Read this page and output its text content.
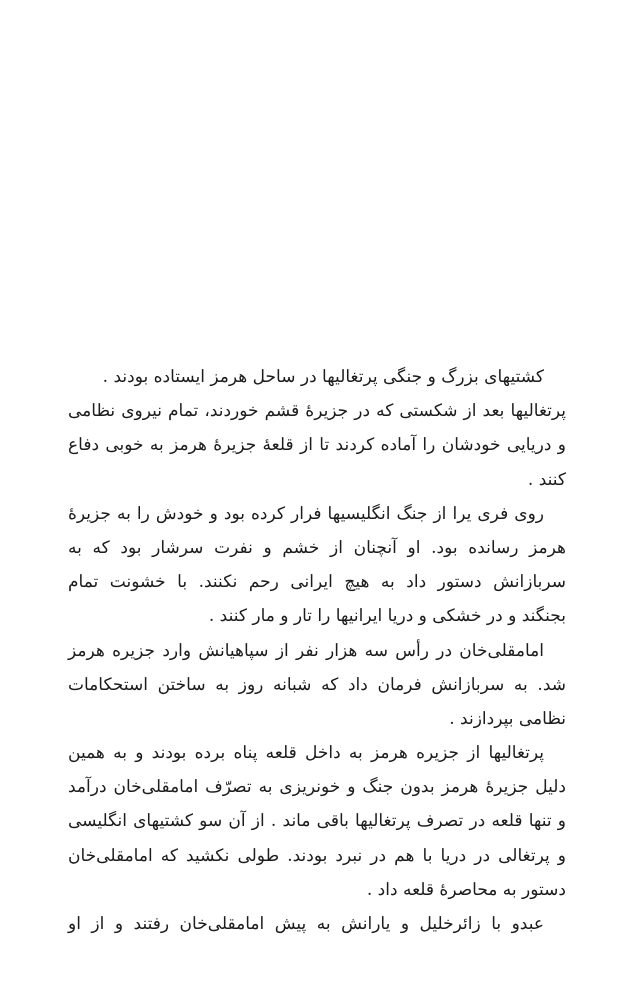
کشتیهای بزرگ و جنگی پرتغالیها در ساحل هرمز ایستاده بودند .
پرتغالیها بعد از شکستی که در جزیرهٔ قشم خوردند، تمام نیروی نظامی
و دریایی خودشان را آماده کردند تا از قلعهٔ جزیرهٔ هرمز به خوبی دفاع
کنند .
روی فری یرا از جنگ انگلیسیها فرار کرده بود و خودش را به جزیرهٔ
هرمز رسانده بود. او آنچنان از خشم و نفرت سرشار بود که به
سربازانش دستور داد به هیچ ایرانی رحم نکنند. با خشونت تمام
بجنگند و در خشکی و دریا ایرانیها را تار و مار کنند .
امامقلی‌خان در رأس سه هزار نفر از سپاهیانش وارد جزیره هرمز
شد. به سربازانش فرمان داد که شبانه روز به ساختن استحکامات
نظامی بپردازند .
پرتغالیها از جزیره هرمز به داخل قلعه پناه برده بودند و به همین
دلیل جزیرهٔ هرمز بدون جنگ و خونریزی به تصرّف امامقلی‌خان درآمد
و تنها قلعه در تصرف پرتغالیها باقی ماند . از آن سو کشتیهای انگلیسی
و پرتغالی در دریا با هم در نبرد بودند. طولی نکشید که امامقلی‌خان
دستور به محاصرهٔ قلعه داد .
عبدو با زائرخلیل و یارانش به پیش امامقلی‌خان رفتند و از او
